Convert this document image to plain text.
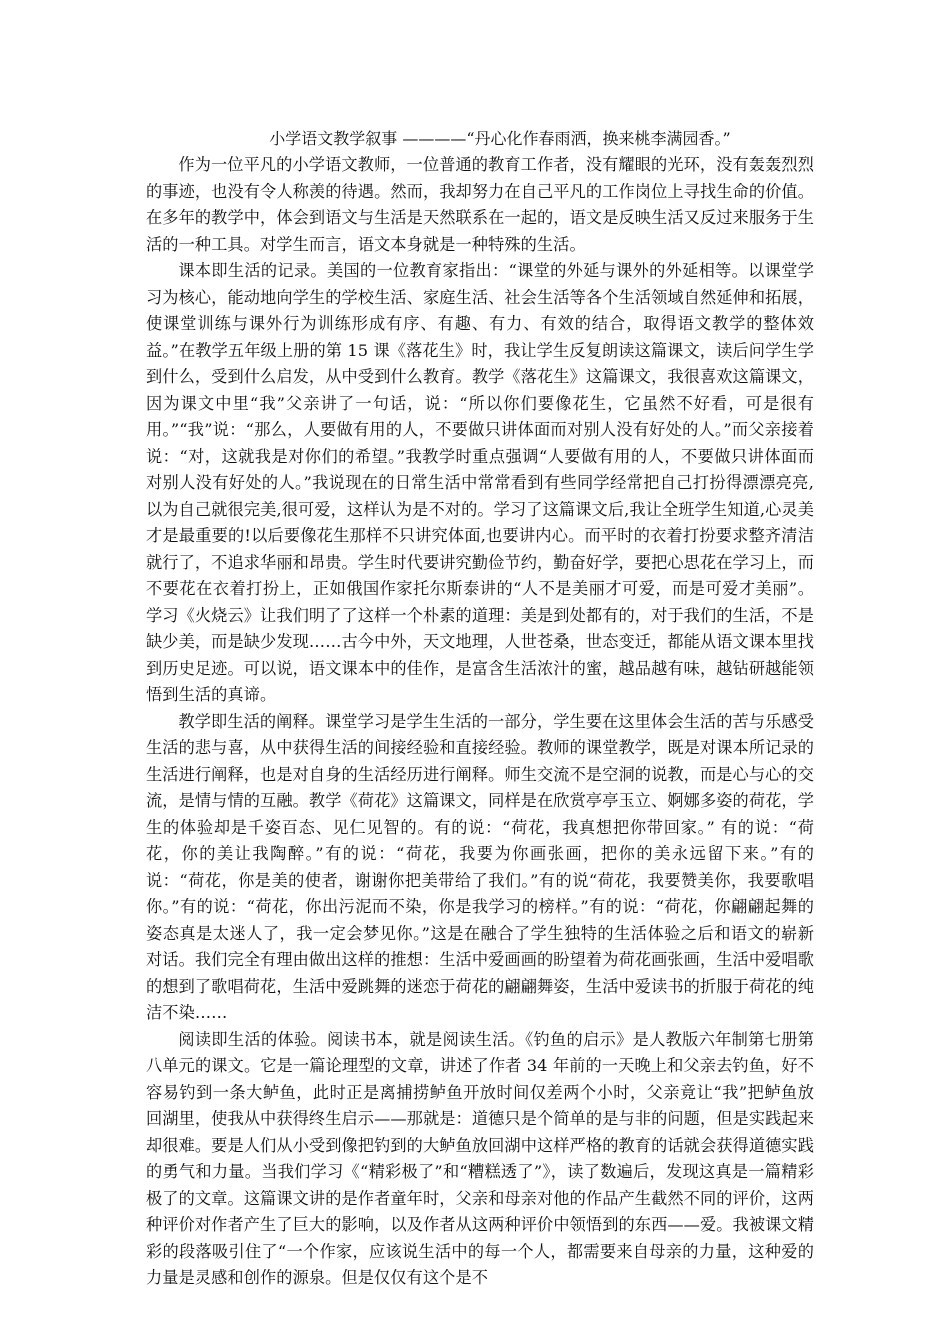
小学语文教学叙事 ————“丹心化作春雨洒，换来桃李满园香。”

作为一位平凡的小学语文教师，一位普通的教育工作者，没有耀眼的光环，没有轰轰烈烈的事迹，也没有令人称羡的待遇。然而，我却努力在自己平凡的工作岗位上寻找生命的价值。在多年的教学中，体会到语文与生活是天然联系在一起的，语文是反映生活又反过来服务于生活的一种工具。对学生而言，语文本身就是一种特殊的生活。

课本即生活的记录。美国的一位教育家指出：“课堂的外延与课外的外延相等。以课堂学习为核心，能动地向学生的学校生活、家庭生活、社会生活等各个生活领域自然延伸和拓展，使课堂训练与课外行为训练形成有序、有趣、有力、有效的结合，取得语文教学的整体效益。”在教学五年级上册的第 15 课《落花生》时，我让学生反复朗读这篇课文，读后问学生学到什么，受到什么启发，从中受到什么教育。教学《落花生》这篇课文，我很喜欢这篇课文，因为课文中里“我”父亲讲了一句话，说：“所以你们要像花生，它虽然不好看，可是很有用。”“我”说：“那么，人要做有用的人，不要做只讲体面而对别人没有好处的人。”而父亲接着说：“对，这就我是对你们的希望。”我教学时重点强调“人要做有用的人，不要做只讲体面而对别人没有好处的人。”我说现在的日常生活中常常看到有些同学经常把自己打扮得漂漂亮亮,以为自己就很完美,很可爱，这样认为是不对的。学习了这篇课文后,我让全班学生知道,心灵美才是最重要的!以后要像花生那样不只讲究体面,也要讲内心。而平时的衣着打扮要求整齐清洁就行了，不追求华丽和昂贵。学生时代要讲究勤俭节约，勤奋好学，要把心思花在学习上，而不要花在衣着打扮上，正如俄国作家托尔斯泰讲的“人不是美丽才可爱，而是可爱才美丽”。学习《火烧云》让我们明了了这样一个朴素的道理：美是到处都有的，对于我们的生活，不是缺少美，而是缺少发现……古今中外，天文地理，人世苍桑，世态变迁，都能从语文课本里找到历史足迹。可以说，语文课本中的佳作，是富含生活浓汁的蜜，越品越有味，越钻研越能领悟到生活的真谛。

教学即生活的阐释。课堂学习是学生生活的一部分，学生要在这里体会生活的苦与乐感受生活的悲与喜，从中获得生活的间接经验和直接经验。教师的课堂教学，既是对课本所记录的生活进行阐释，也是对自身的生活经历进行阐释。师生交流不是空洞的说教，而是心与心的交流，是情与情的互融。教学《荷花》这篇课文，同样是在欣赏亭亭玉立、婀娜多姿的荷花，学生的体验却是千姿百态、见仁见智的。有的说：“荷花，我真想把你带回家。” 有的说：“荷花，你的美让我陶醉。”有的说：“荷花，我要为你画张画，把你的美永远留下来。”有的说：“荷花，你是美的使者，谢谢你把美带给了我们。”有的说“荷花，我要赞美你，我要歌唱你。”有的说：“荷花，你出污泥而不染，你是我学习的榜样。”有的说：“荷花，你翩翩起舞的姿态真是太迷人了，我一定会梦见你。”这是在融合了学生独特的生活体验之后和语文的崭新对话。我们完全有理由做出这样的推想：生活中爱画画的盼望着为荷花画张画，生活中爱唱歌的想到了歌唱荷花，生活中爱跳舞的迷恋于荷花的翩翩舞姿，生活中爱读书的折服于荷花的纯洁不染……

阅读即生活的体验。阅读书本，就是阅读生活。《钓鱼的启示》是人教版六年制第七册第八单元的课文。它是一篇论理型的文章，讲述了作者 34 年前的一天晚上和父亲去钓鱼，好不容易钓到一条大鲈鱼，此时正是离捕捞鲈鱼开放时间仅差两个小时，父亲竟让“我”把鲈鱼放回湖里，使我从中获得终生启示——那就是：道德只是个简单的是与非的问题，但是实践起来却很难。要是人们从小受到像把钓到的大鲈鱼放回湖中这样严格的教育的话就会获得道德实践的勇气和力量。当我们学习《“精彩极了”和“糟糕透了”》，读了数遍后，发现这真是一篇精彩极了的文章。这篇课文讲的是作者童年时，父亲和母亲对他的作品产生截然不同的评价，这两种评价对作者产生了巨大的影响，以及作者从这两种评价中领悟到的东西——爱。我被课文精彩的段落吸引住了“一个作家，应该说生活中的每一个人，都需要来自母亲的力量，这种爱的力量是灵感和创作的源泉。但是仅仅有这个是不
